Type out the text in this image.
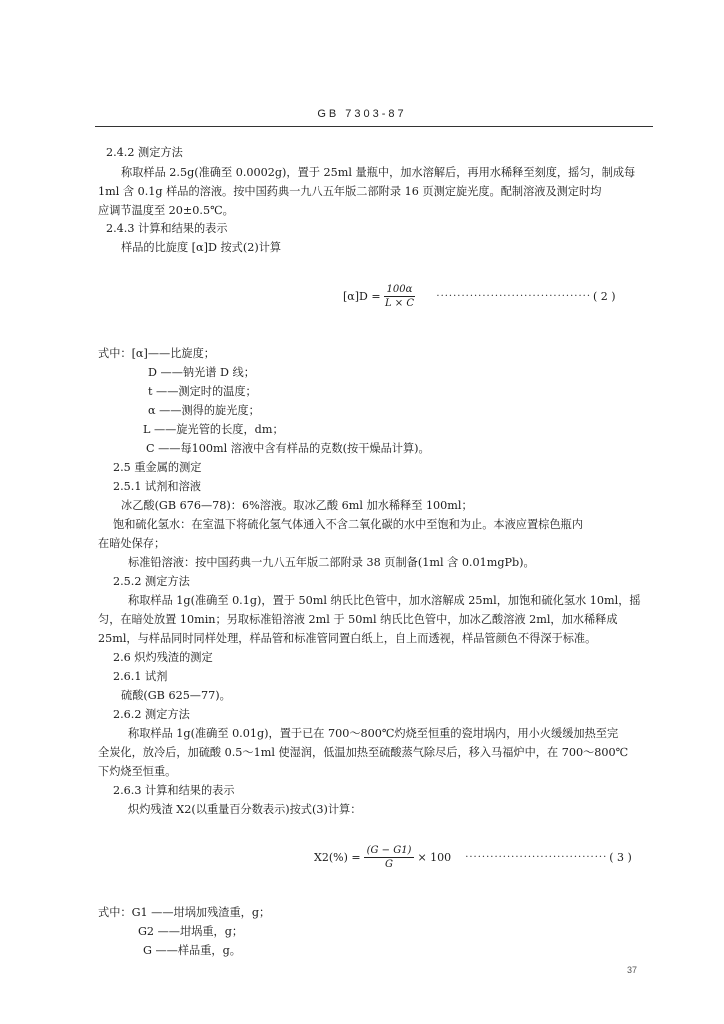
GB 7303-87
2.4.2 测定方法
称取样品 2.5g(准确至 0.0002g)，置于 25ml 量瓶中，加水溶解后，再用水稀释至刻度，摇匀，制成每
1ml 含 0.1g 样品的溶液。按中国药典一九八五年版二部附录 16 页测定旋光度。配制溶液及测定时均
应调节温度至 20±0.5℃。
2.4.3 计算和结果的表示
样品的比旋度 [α]D 按式(2)计算
$[\alpha]D = \frac{100\alpha}{L \times C}$ ····································· ( 2 )
式中：[α]——比旋度；
D ——钠光谱 D 线；
t ——测定时的温度；
α ——测得的旋光度；
L ——旋光管的长度，dm；
C ——每100ml 溶液中含有样品的克数(按干燥品计算)。
2.5 重金属的测定
2.5.1 试剂和溶液
冰乙酸(GB 676—78)：6%溶液。取冰乙酸 6ml 加水稀释至 100ml；
饱和硫化氢水：在室温下将硫化氢气体通入不含二氧化碳的水中至饱和为止。本液应置棕色瓶内
在暗处保存；
标准铅溶液：按中国药典一九八五年版二部附录 38 页制备(1ml 含 0.01mgPb)。
2.5.2 测定方法
称取样品 1g(准确至 0.1g)，置于 50ml 纳氏比色管中，加水溶解成 25ml，加饱和硫化氢水 10ml，摇
匀，在暗处放置 10min；另取标准铅溶液 2ml 于 50ml 纳氏比色管中，加冰乙酸溶液 2ml，加水稀释成
25ml，与样品同时同样处理，样品管和标准管同置白纸上，自上而透视，样品管颜色不得深于标准。
2.6 炽灼残渣的测定
2.6.1 试剂
硫酸(GB 625—77)。
2.6.2 测定方法
称取样品 1g(准确至 0.01g)，置于已在 700～800℃灼烧至恒重的瓷坩埚内，用小火缓缓加热至完
全炭化，放冷后，加硫酸 0.5～1ml 使湿润，低温加热至硫酸蒸气除尽后，移入马福炉中，在 700～800℃
下灼烧至恒重。
2.6.3 计算和结果的表示
炽灼残渣 X2(以重量百分数表示)按式(3)计算：
$X2(\%) = \frac{(G - G1)}{G} \times 100$ ·································· ( 3 )
式中：G1 ——坩埚加残渣重，g；
G2 ——坩埚重，g；
G ——样品重，g。
37
